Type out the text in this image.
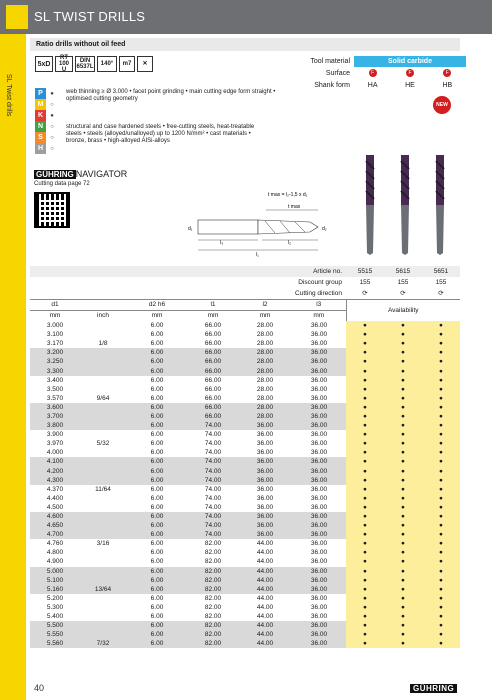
SL TWIST DRILLS
SL Twist drills
Ratio drills without oil feed
5xD
RT 100 U
DIN 6537L	140°	m7	✕	Tool material	Solid carbide
Surface	F	F	F
Shank form	HA	HE	HB
NEW
P	●
M	○
K	●
N	○
S	○
H	○
web thinning ≥ Ø 3.000 • facet point grinding • main cutting edge form straight • optimised cutting geometry
structural and case hardened steels • free-cutting steels, heat-treatable steels • steels (alloyed/unalloyed) up to 1200 N/mm² • cast materials • bronze, brass • high-alloyed AISi-alloys
GÜHRING NAVIGATOR
Cutting data page 72
t max = l₂-1,5 x d₁
t max
d₁	d₂
l₃	l₂
l₁
Article no.						5515	5615	5651
Discount group						155	155	155
Cutting direction						⟳	⟳	⟳
d1		d2 h6	l1	l2	l3	Availability		
mm	inch	mm	mm	mm	mm			
3.000		6.00	66.00	28.00	36.00	●	●	●
3.100		6.00	66.00	28.00	36.00	●	●	●
3.170	1/8	6.00	66.00	28.00	36.00	●	●	●
3.200		6.00	66.00	28.00	36.00	●	●	●
3.250		6.00	66.00	28.00	36.00	●	●	●
3.300		6.00	66.00	28.00	36.00	●	●	●
3.400		6.00	66.00	28.00	36.00	●	●	●
3.500		6.00	66.00	28.00	36.00	●	●	●
3.570	9/64	6.00	66.00	28.00	36.00	●	●	●
3.600		6.00	66.00	28.00	36.00	●	●	●
3.700		6.00	66.00	28.00	36.00	●	●	●
3.800		6.00	74.00	36.00	36.00	●	●	●
3.900		6.00	74.00	36.00	36.00	●	●	●
3.970	5/32	6.00	74.00	36.00	36.00	●	●	●
4.000		6.00	74.00	36.00	36.00	●	●	●
4.100		6.00	74.00	36.00	36.00	●	●	●
4.200		6.00	74.00	36.00	36.00	●	●	●
4.300		6.00	74.00	36.00	36.00	●	●	●
4.370	11/64	6.00	74.00	36.00	36.00	●	●	●
4.400		6.00	74.00	36.00	36.00	●	●	●
4.500		6.00	74.00	36.00	36.00	●	●	●
4.600		6.00	74.00	36.00	36.00	●	●	●
4.650		6.00	74.00	36.00	36.00	●	●	●
4.700		6.00	74.00	36.00	36.00	●	●	●
4.760	3/16	6.00	82.00	44.00	36.00	●	●	●
4.800		6.00	82.00	44.00	36.00	●	●	●
4.900		6.00	82.00	44.00	36.00	●	●	●
5.000		6.00	82.00	44.00	36.00	●	●	●
5.100		6.00	82.00	44.00	36.00	●	●	●
5.160	13/64	6.00	82.00	44.00	36.00	●	●	●
5.200		6.00	82.00	44.00	36.00	●	●	●
5.300		6.00	82.00	44.00	36.00	●	●	●
5.400		6.00	82.00	44.00	36.00	●	●	●
5.500		6.00	82.00	44.00	36.00	●	●	●
5.550		6.00	82.00	44.00	36.00	●	●	●
5.560	7/32	6.00	82.00	44.00	36.00	●	●	●
40	GÜHRING
